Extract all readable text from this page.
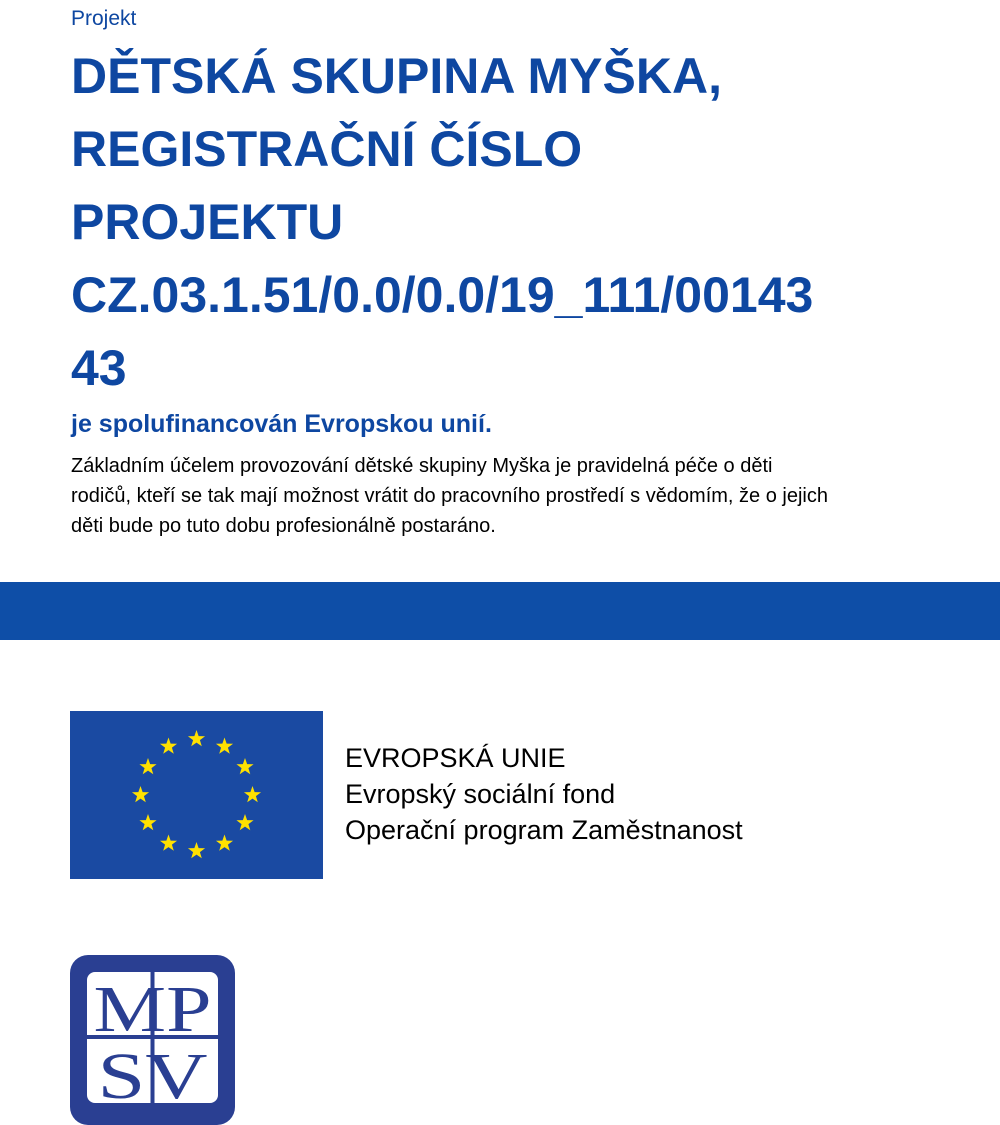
Projekt
DĚTSKÁ SKUPINA MYŠKA,
REGISTRAČNÍ ČÍSLO
PROJEKTU
CZ.03.1.51/0.0/0.0/19_111/00143
43
je spolufinancován Evropskou unií.
Základním účelem provozování dětské skupiny Myška je pravidelná péče o děti
rodičů, kteří se tak mají možnost vrátit do pracovního prostředí s vědomím, že o jejich
děti bude po tuto dobu profesionálně postaráno.
EVROPSKÁ UNIE
Evropský sociální fond
Operační program Zaměstnanost
MP
SV
